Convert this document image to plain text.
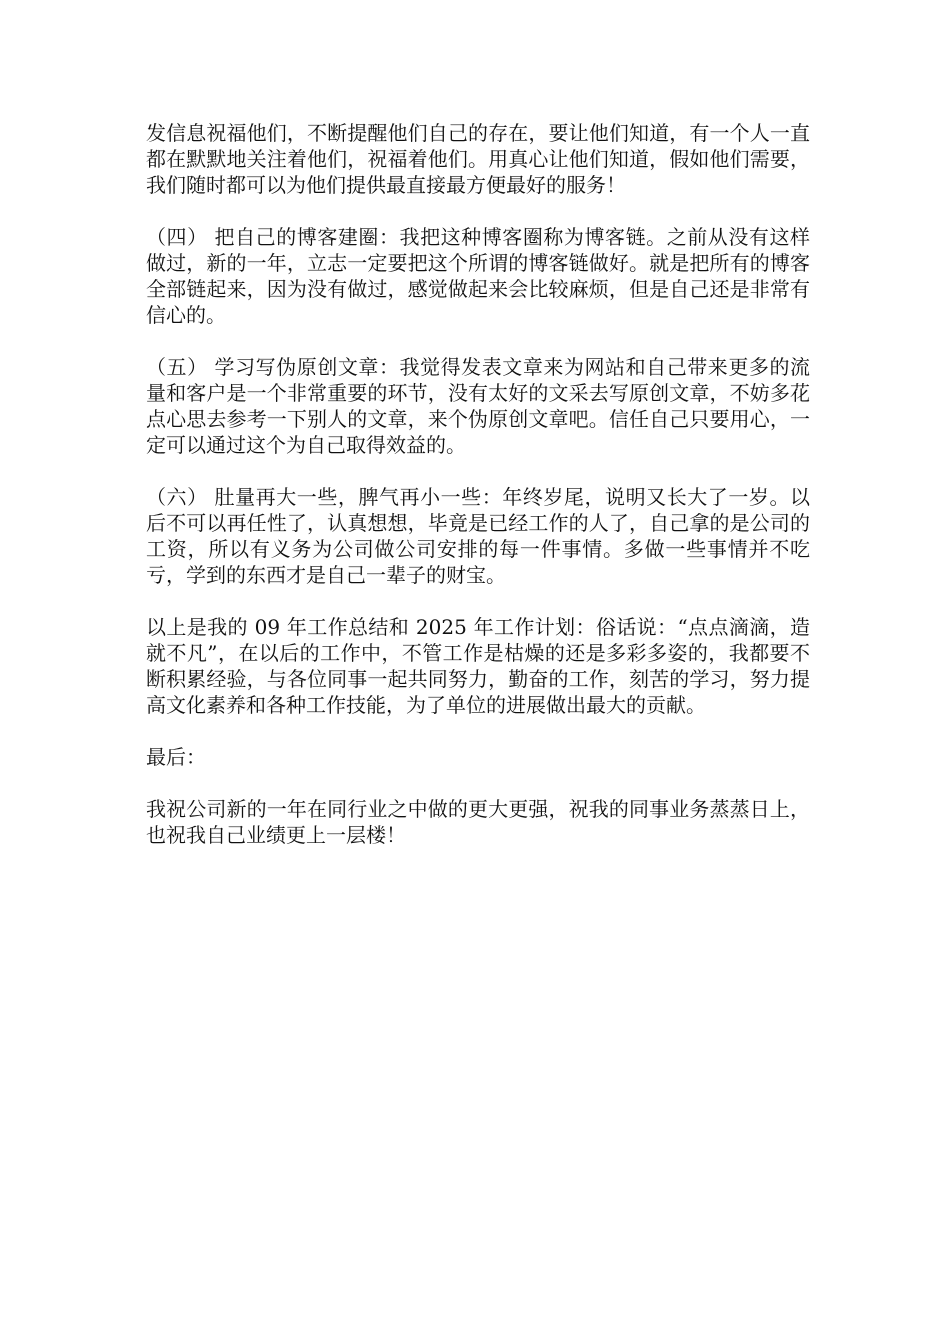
发信息祝福他们，不断提醒他们自己的存在，要让他们知道，有一个人一直都在默默地关注着他们，祝福着他们。用真心让他们知道，假如他们需要，我们随时都可以为他们提供最直接最方便最好的服务！

（四） 把自己的博客建圈：我把这种博客圈称为博客链。之前从没有这样做过，新的一年，立志一定要把这个所谓的博客链做好。就是把所有的博客全部链起来，因为没有做过，感觉做起来会比较麻烦，但是自己还是非常有信心的。

（五） 学习写伪原创文章：我觉得发表文章来为网站和自己带来更多的流量和客户是一个非常重要的环节，没有太好的文采去写原创文章，不妨多花点心思去参考一下别人的文章，来个伪原创文章吧。信任自己只要用心，一定可以通过这个为自己取得效益的。

（六） 肚量再大一些，脾气再小一些：年终岁尾，说明又长大了一岁。以后不可以再任性了，认真想想，毕竟是已经工作的人了，自己拿的是公司的工资，所以有义务为公司做公司安排的每一件事情。多做一些事情并不吃亏，学到的东西才是自己一辈子的财宝。

以上是我的 09 年工作总结和 2025 年工作计划：俗话说：“点点滴滴，造就不凡”，在以后的工作中，不管工作是枯燥的还是多彩多姿的，我都要不断积累经验，与各位同事一起共同努力，勤奋的工作，刻苦的学习，努力提高文化素养和各种工作技能，为了单位的进展做出最大的贡献。

最后：

我祝公司新的一年在同行业之中做的更大更强，祝我的同事业务蒸蒸日上，也祝我自己业绩更上一层楼！
